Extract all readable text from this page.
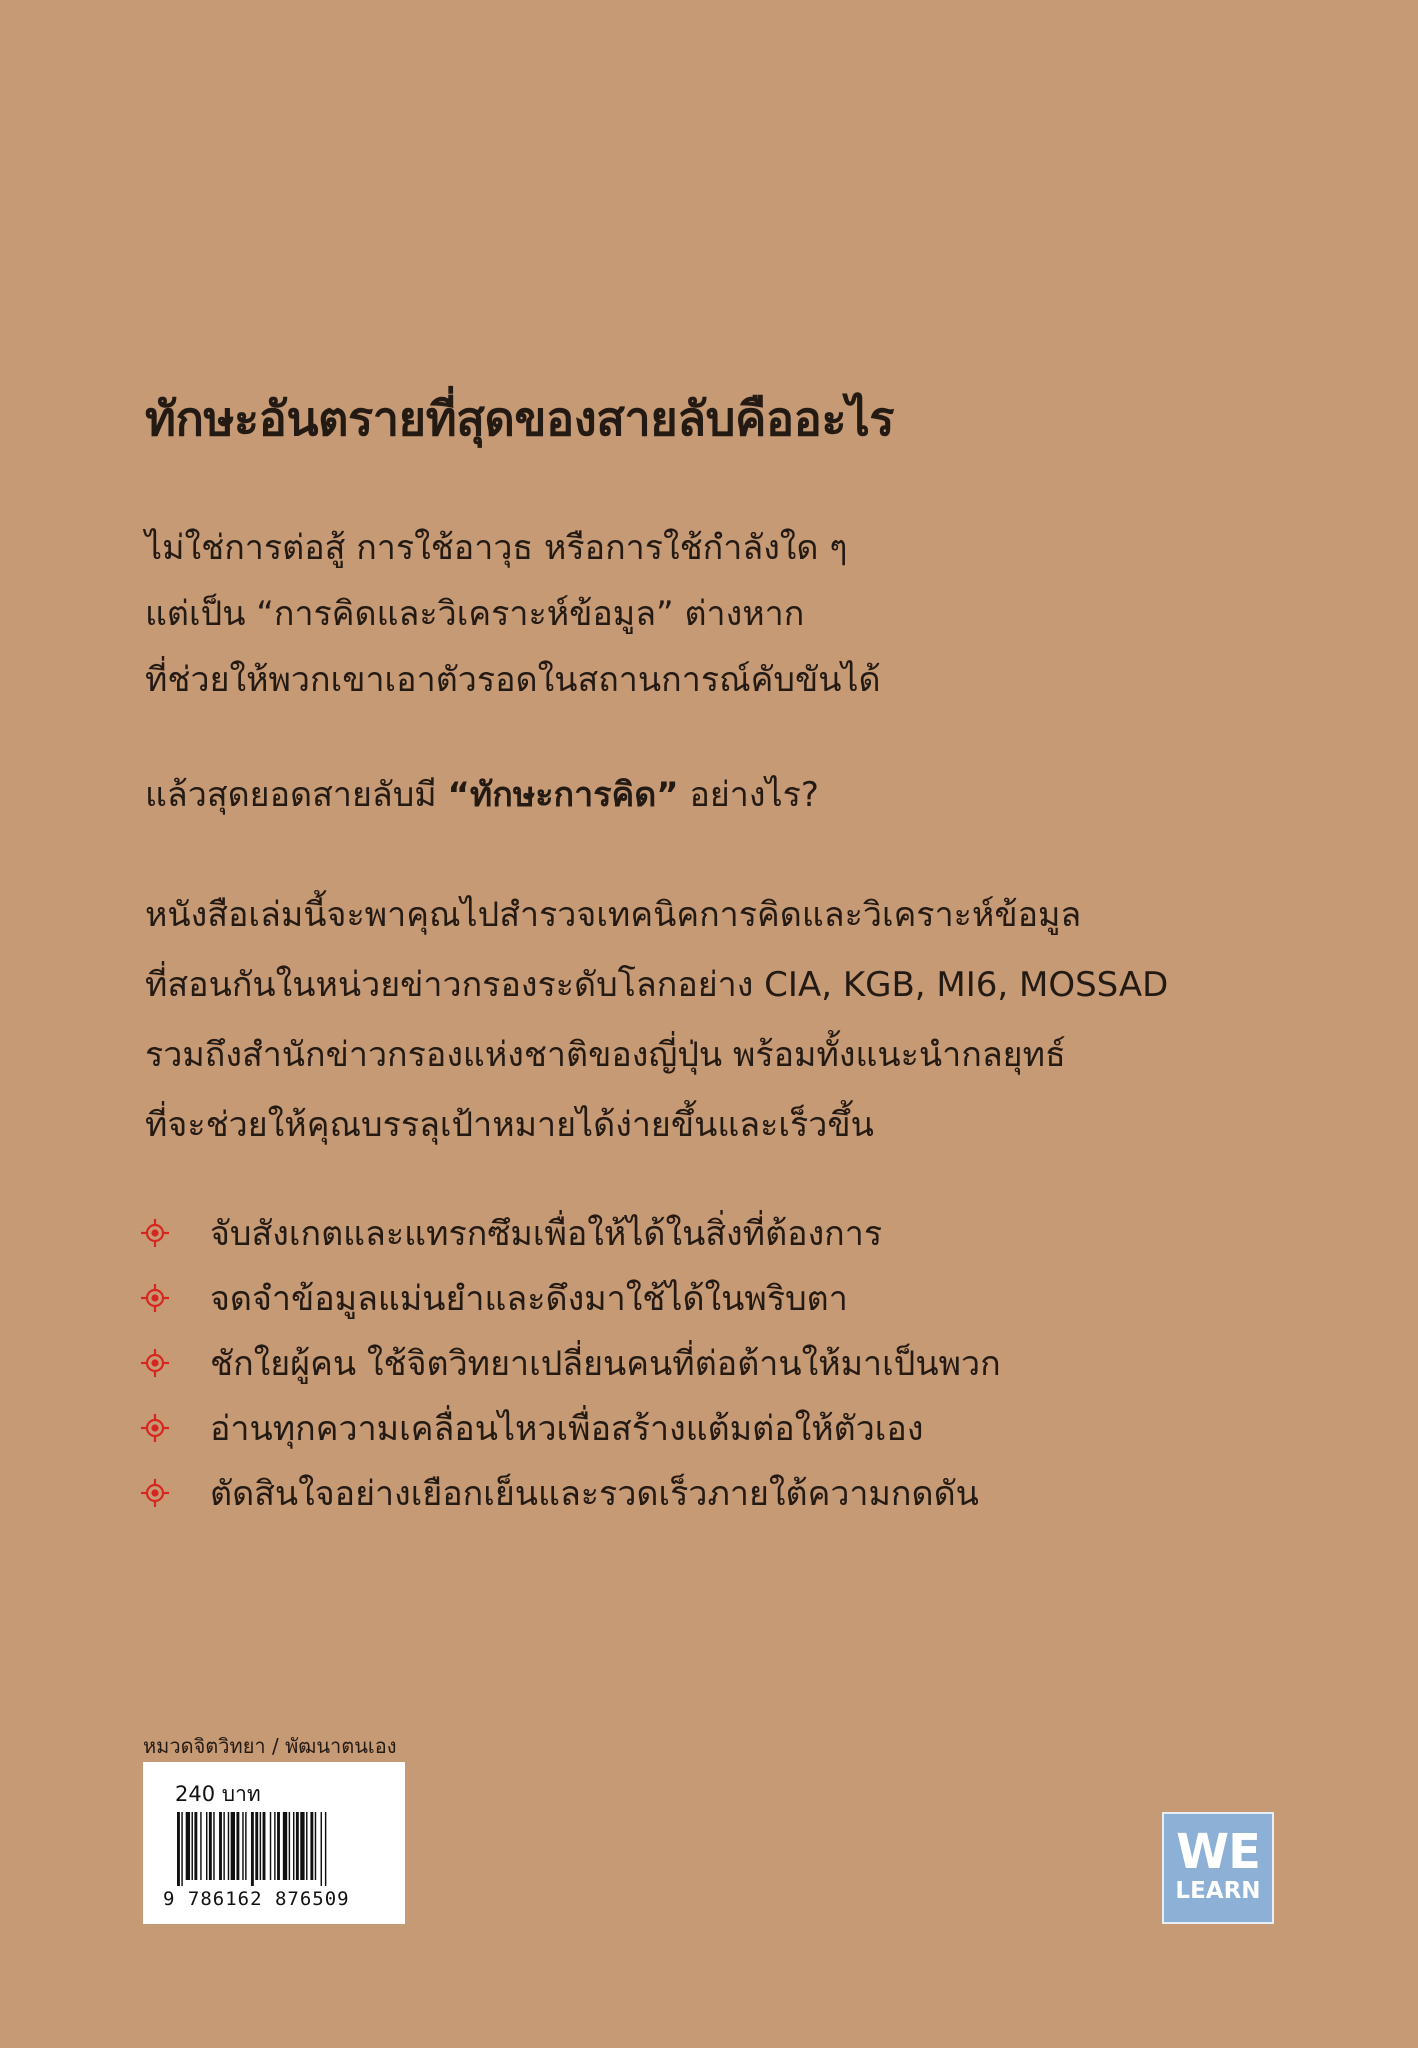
ทักษะอันตรายที่สุดของสายลับคืออะไร

ไม่ใช่การต่อสู้ การใช้อาวุธ หรือการใช้กำลังใด ๆ

แต่เป็น “การคิดและวิเคราะห์ข้อมูล” ต่างหาก

ที่ช่วยให้พวกเขาเอาตัวรอดในสถานการณ์คับขันได้

แล้วสุดยอดสายลับมี “ทักษะการคิด” อย่างไร?

หนังสือเล่มนี้จะพาคุณไปสำรวจเทคนิคการคิดและวิเคราะห์ข้อมูล

ที่สอนกันในหน่วยข่าวกรองระดับโลกอย่าง CIA, KGB, MI6, MOSSAD

รวมถึงสำนักข่าวกรองแห่งชาติของญี่ปุ่น พร้อมทั้งแนะนำกลยุทธ์

ที่จะช่วยให้คุณบรรลุเป้าหมายได้ง่ายขึ้นและเร็วขึ้น

จับสังเกตและแทรกซึมเพื่อให้ได้ในสิ่งที่ต้องการ
จดจำข้อมูลแม่นยำและดึงมาใช้ได้ในพริบตา
ชักใยผู้คน ใช้จิตวิทยาเปลี่ยนคนที่ต่อต้านให้มาเป็นพวก
อ่านทุกความเคลื่อนไหวเพื่อสร้างแต้มต่อให้ตัวเอง
ตัดสินใจอย่างเยือกเย็นและรวดเร็วภายใต้ความกดดัน
หมวดจิตวิทยา / พัฒนาตนเอง
240 บาท
9 786162 876509
WE
LEARN
